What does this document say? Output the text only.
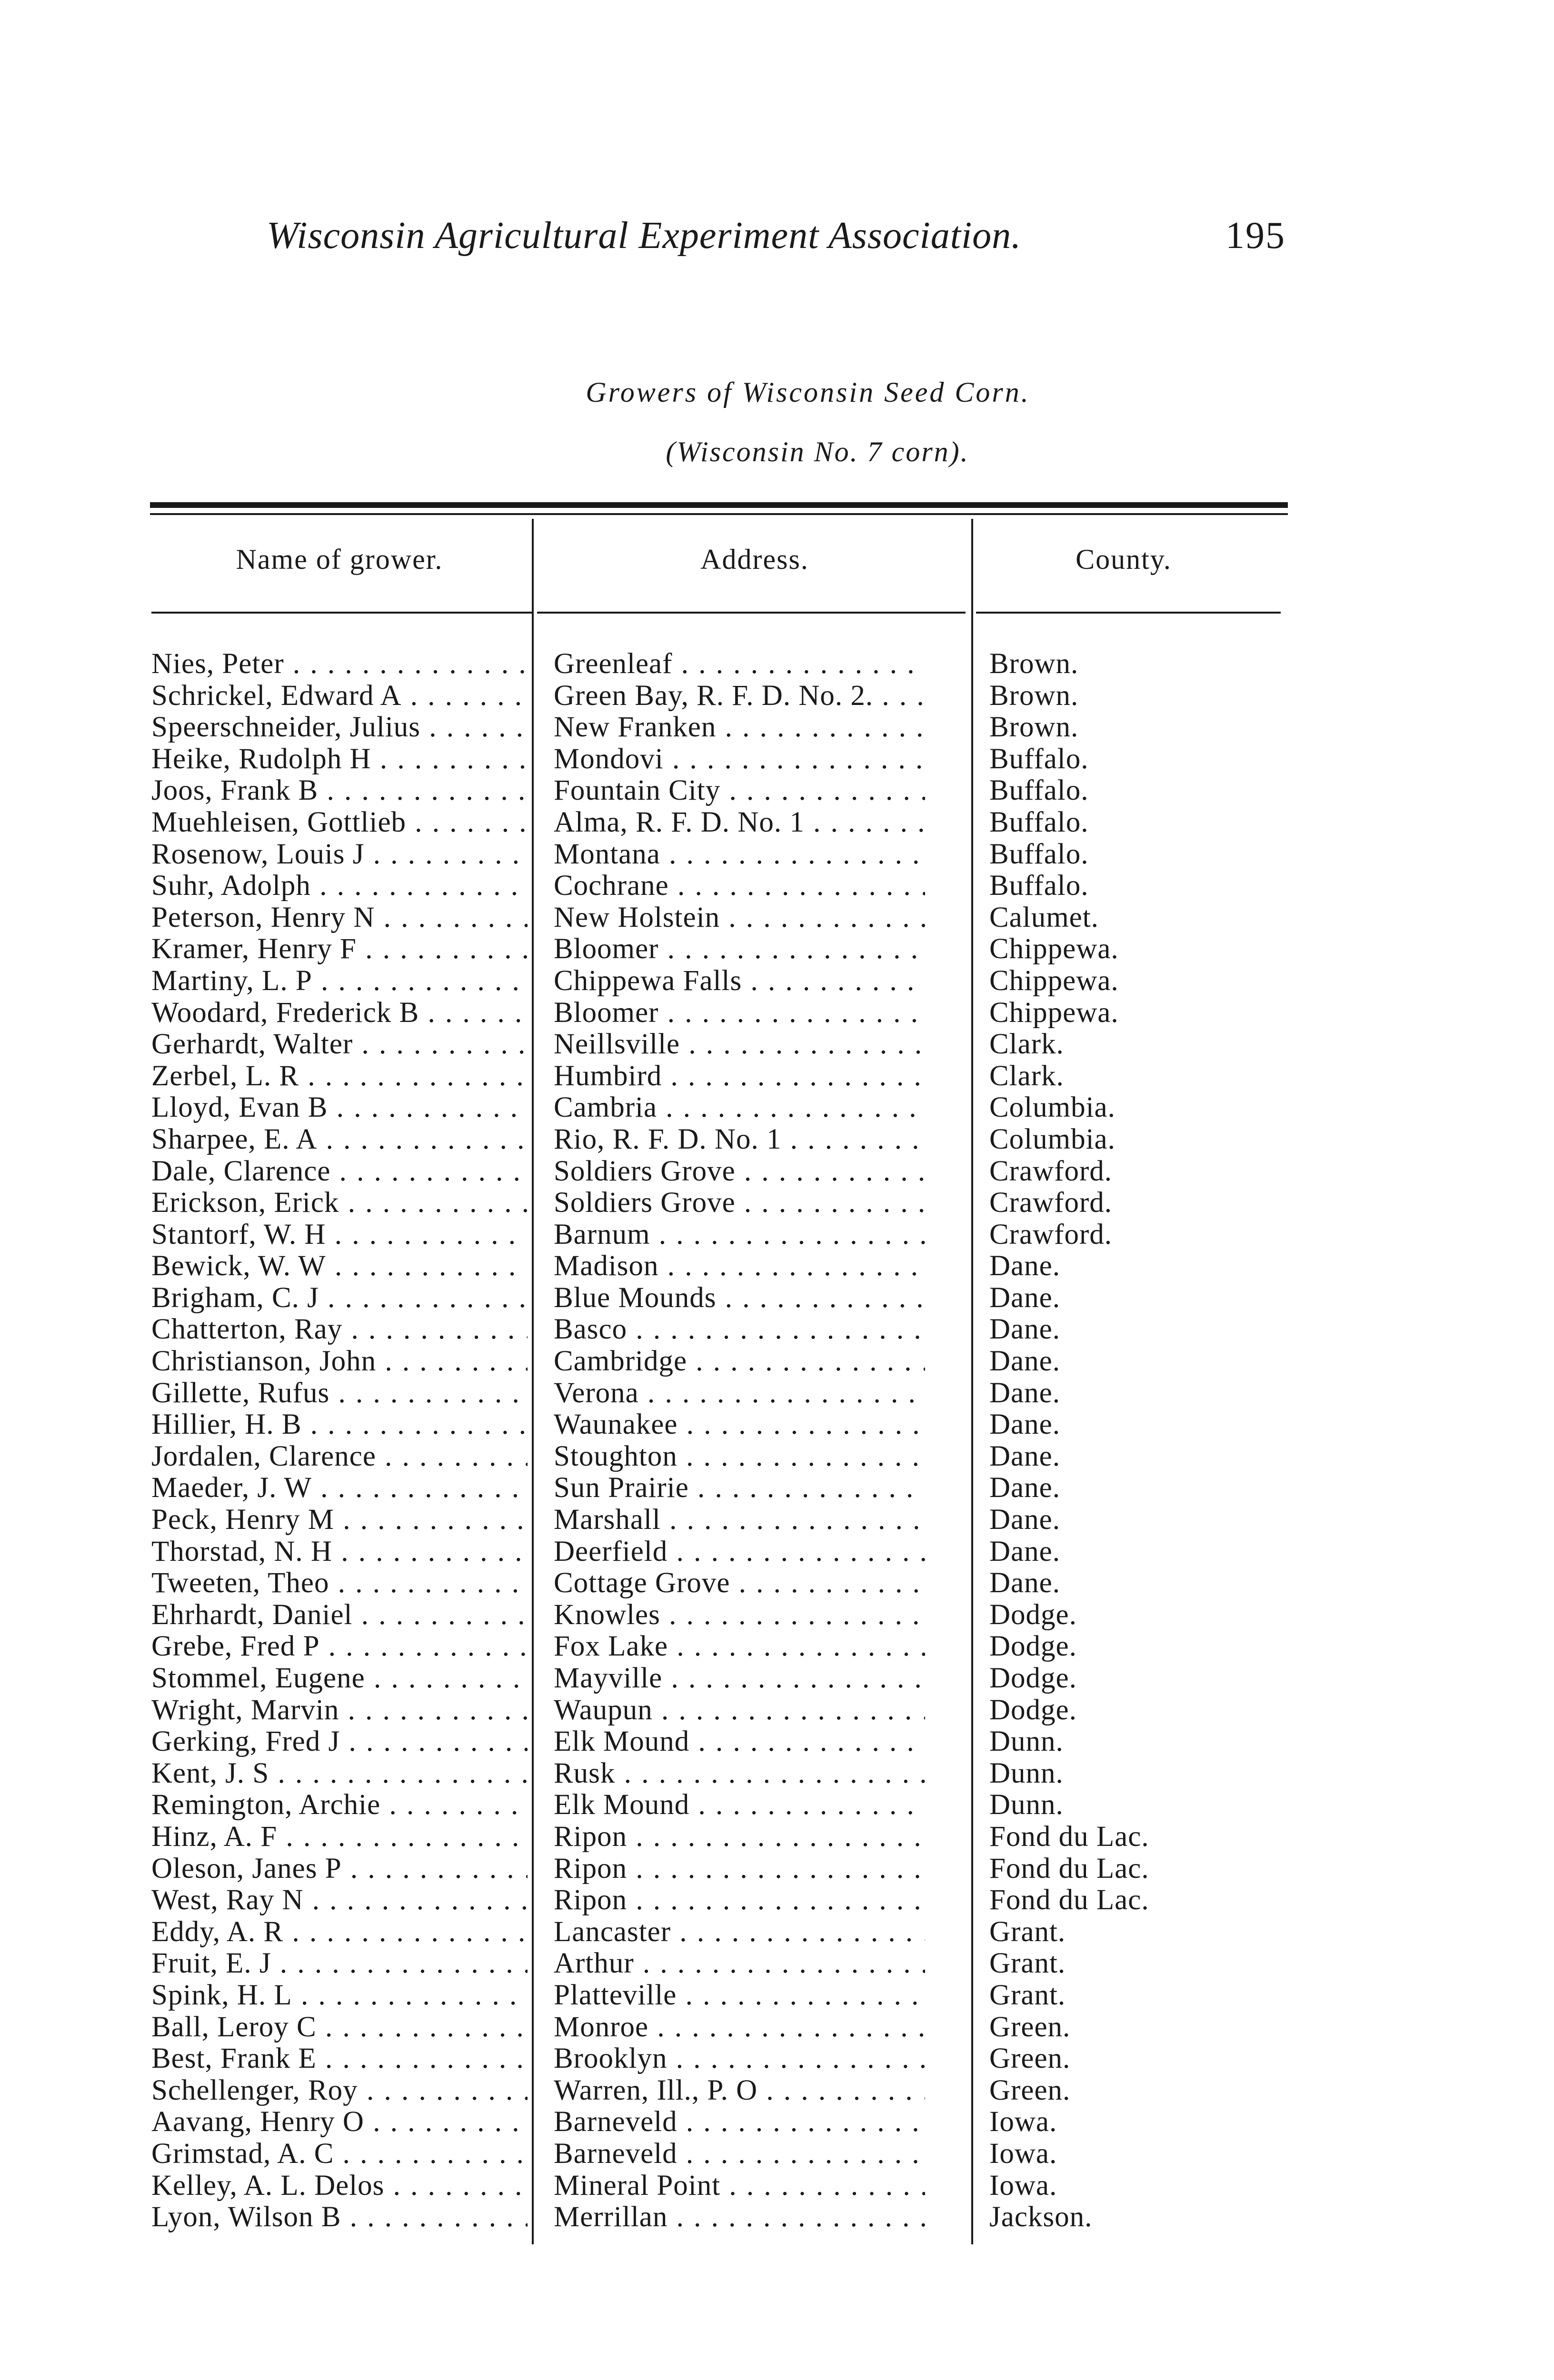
Wisconsin Agricultural Experiment Association.	195
Growers of Wisconsin Seed Corn.
(Wisconsin No. 7 corn).
Name of grower.	Address.	County.
Nies, Peter . . .	Greenleaf . . .	Brown.
Schrickel, Edward A . . .	Green Bay, R. F. D. No. 2. . . .	Brown.
Speerschneider, Julius . . .	New Franken . . .	Brown.
Heike, Rudolph H . . .	Mondovi . . .	Buffalo.
Joos, Frank B . . .	Fountain City . . .	Buffalo.
Muehleisen, Gottlieb . . .	Alma, R. F. D. No. 1 . . .	Buffalo.
Rosenow, Louis J . . .	Montana . . .	Buffalo.
Suhr, Adolph . . .	Cochrane . . .	Buffalo.
Peterson, Henry N . . .	New Holstein . . .	Calumet.
Kramer, Henry F . . .	Bloomer . . .	Chippewa.
Martiny, L. P . . .	Chippewa Falls . . .	Chippewa.
Woodard, Frederick B . . .	Bloomer . . .	Chippewa.
Gerhardt, Walter . . .	Neillsville . . .	Clark.
Zerbel, L. R . . .	Humbird . . .	Clark.
Lloyd, Evan B . . .	Cambria . . .	Columbia.
Sharpee, E. A . . .	Rio, R. F. D. No. 1 . . .	Columbia.
Dale, Clarence . . .	Soldiers Grove . . .	Crawford.
Erickson, Erick . . .	Soldiers Grove . . .	Crawford.
Stantorf, W. H . . .	Barnum . . .	Crawford.
Bewick, W. W . . .	Madison . . .	Dane.
Brigham, C. J . . .	Blue Mounds . . .	Dane.
Chatterton, Ray . . .	Basco . . .	Dane.
Christianson, John . . .	Cambridge . . .	Dane.
Gillette, Rufus . . .	Verona . . .	Dane.
Hillier, H. B . . .	Waunakee . . .	Dane.
Jordalen, Clarence . . .	Stoughton . . .	Dane.
Maeder, J. W . . .	Sun Prairie . . .	Dane.
Peck, Henry M . . .	Marshall . . .	Dane.
Thorstad, N. H . . .	Deerfield . . .	Dane.
Tweeten, Theo . . .	Cottage Grove . . .	Dane.
Ehrhardt, Daniel . . .	Knowles . . .	Dodge.
Grebe, Fred P . . .	Fox Lake . . .	Dodge.
Stommel, Eugene . . .	Mayville . . .	Dodge.
Wright, Marvin . . .	Waupun . . .	Dodge.
Gerking, Fred J . . .	Elk Mound . . .	Dunn.
Kent, J. S . . .	Rusk . . .	Dunn.
Remington, Archie . . .	Elk Mound . . .	Dunn.
Hinz, A. F . . .	Ripon . . .	Fond du Lac.
Oleson, Janes P . . .	Ripon . . .	Fond du Lac.
West, Ray N . . .	Ripon . . .	Fond du Lac.
Eddy, A. R . . .	Lancaster . . .	Grant.
Fruit, E. J . . .	Arthur . . .	Grant.
Spink, H. L . . .	Platteville . . .	Grant.
Ball, Leroy C . . .	Monroe . . .	Green.
Best, Frank E . . .	Brooklyn . . .	Green.
Schellenger, Roy . . .	Warren, Ill., P. O . . .	Green.
Aavang, Henry O . . .	Barneveld . . .	Iowa.
Grimstad, A. C . . .	Barneveld . . .	Iowa.
Kelley, A. L. Delos . . .	Mineral Point . . .	Iowa.
Lyon, Wilson B . . .	Merrillan . . .	Jackson.
